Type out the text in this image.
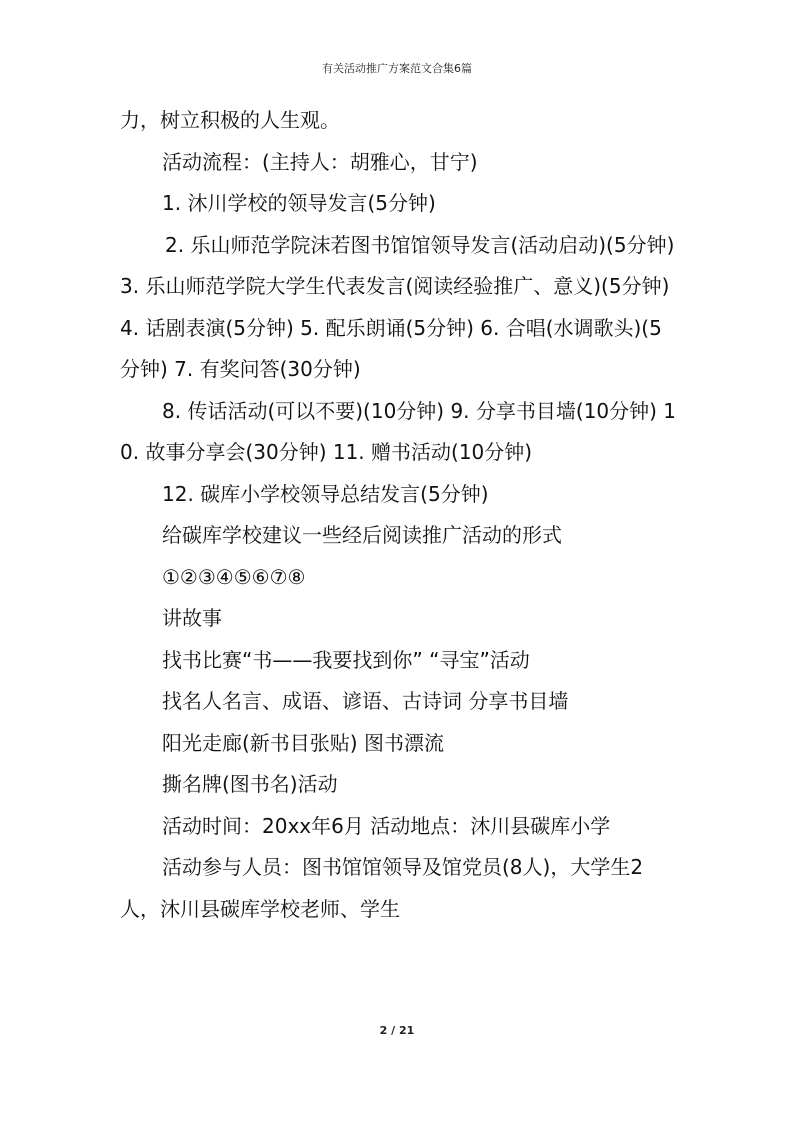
有关活动推广方案范文合集6篇

力，树立积极的人生观。

活动流程：(主持人：胡雅心，甘宁)

1. 沐川学校的领导发言(5分钟)

2. 乐山师范学院沫若图书馆馆领导发言(活动启动)(5分钟) 3. 乐山师范学院大学生代表发言(阅读经验推广、意义)(5分钟) 4. 话剧表演(5分钟) 5. 配乐朗诵(5分钟) 6. 合唱(水调歌头)(5分钟) 7. 有奖问答(30分钟)

8. 传话活动(可以不要)(10分钟) 9. 分享书目墙(10分钟) 10. 故事分享会(30分钟) 11. 赠书活动(10分钟)

12. 碳库小学校领导总结发言(5分钟)

给碳库学校建议一些经后阅读推广活动的形式

①②③④⑤⑥⑦⑧

讲故事

找书比赛“书——我要找到你” “寻宝”活动

找名人名言、成语、谚语、古诗词 分享书目墙

阳光走廊(新书目张贴) 图书漂流

撕名牌(图书名)活动

活动时间：20xx年6月 活动地点：沐川县碳库小学

活动参与人员：图书馆馆领导及馆党员(8人)，大学生2人，沐川县碳库学校老师、学生

2 / 21
